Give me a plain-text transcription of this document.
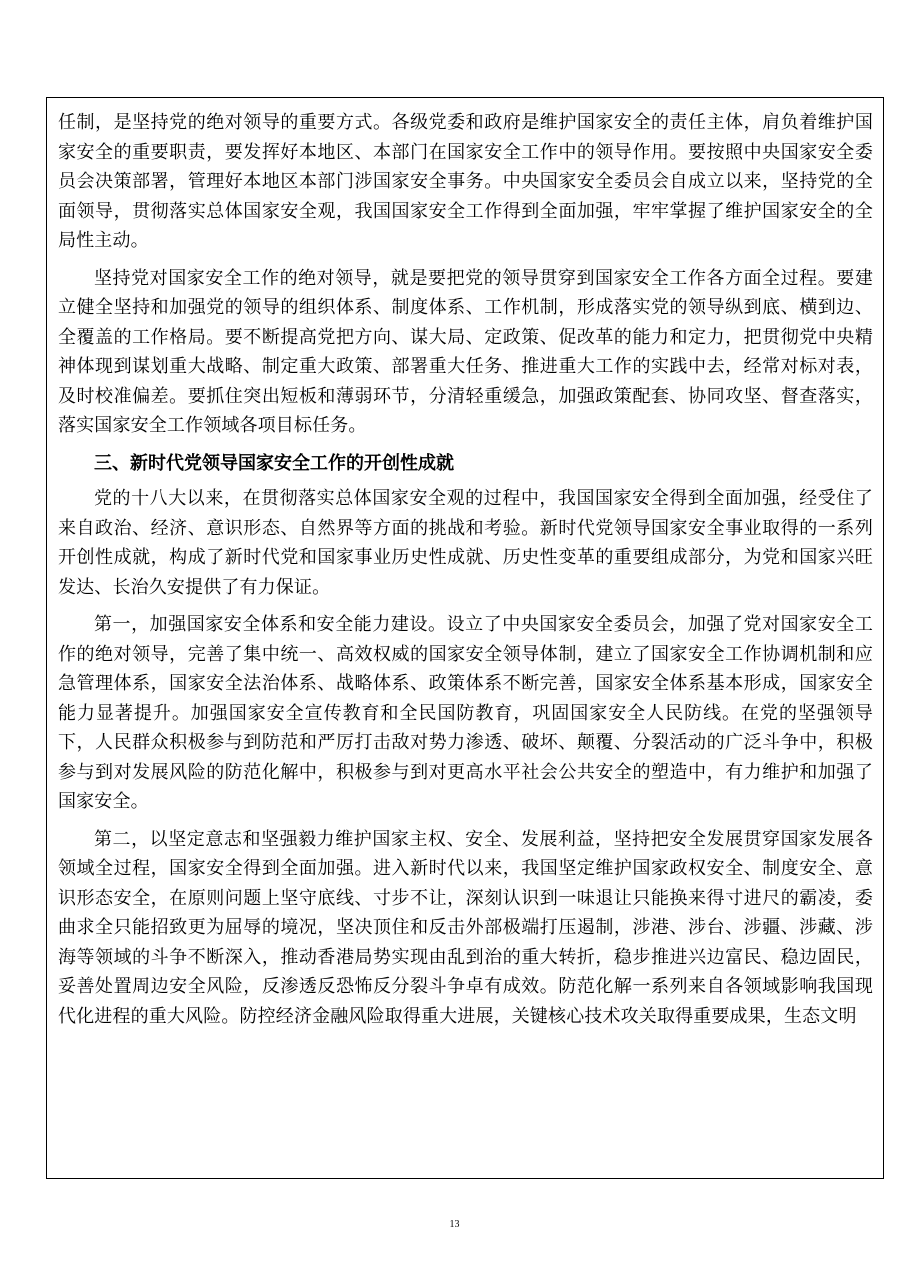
任制，是坚持党的绝对领导的重要方式。各级党委和政府是维护国家安全的责任主体，肩负着维护国家安全的重要职责，要发挥好本地区、本部门在国家安全工作中的领导作用。要按照中央国家安全委员会决策部署，管理好本地区本部门涉国家安全事务。中央国家安全委员会自成立以来，坚持党的全面领导，贯彻落实总体国家安全观，我国国家安全工作得到全面加强，牢牢掌握了维护国家安全的全局性主动。

坚持党对国家安全工作的绝对领导，就是要把党的领导贯穿到国家安全工作各方面全过程。要建立健全坚持和加强党的领导的组织体系、制度体系、工作机制，形成落实党的领导纵到底、横到边、全覆盖的工作格局。要不断提高党把方向、谋大局、定政策、促改革的能力和定力，把贯彻党中央精神体现到谋划重大战略、制定重大政策、部署重大任务、推进重大工作的实践中去，经常对标对表，及时校准偏差。要抓住突出短板和薄弱环节，分清轻重缓急，加强政策配套、协同攻坚、督查落实，落实国家安全工作领域各项目标任务。

三、新时代党领导国家安全工作的开创性成就

党的十八大以来，在贯彻落实总体国家安全观的过程中，我国国家安全得到全面加强，经受住了来自政治、经济、意识形态、自然界等方面的挑战和考验。新时代党领导国家安全事业取得的一系列开创性成就，构成了新时代党和国家事业历史性成就、历史性变革的重要组成部分，为党和国家兴旺发达、长治久安提供了有力保证。

第一，加强国家安全体系和安全能力建设。设立了中央国家安全委员会，加强了党对国家安全工作的绝对领导，完善了集中统一、高效权威的国家安全领导体制，建立了国家安全工作协调机制和应急管理体系，国家安全法治体系、战略体系、政策体系不断完善，国家安全体系基本形成，国家安全能力显著提升。加强国家安全宣传教育和全民国防教育，巩固国家安全人民防线。在党的坚强领导下，人民群众积极参与到防范和严厉打击敌对势力渗透、破坏、颠覆、分裂活动的广泛斗争中，积极参与到对发展风险的防范化解中，积极参与到对更高水平社会公共安全的塑造中，有力维护和加强了国家安全。

第二，以坚定意志和坚强毅力维护国家主权、安全、发展利益，坚持把安全发展贯穿国家发展各领域全过程，国家安全得到全面加强。进入新时代以来，我国坚定维护国家政权安全、制度安全、意识形态安全，在原则问题上坚守底线、寸步不让，深刻认识到一味退让只能换来得寸进尺的霸凌，委曲求全只能招致更为屈辱的境况，坚决顶住和反击外部极端打压遏制，涉港、涉台、涉疆、涉藏、涉海等领域的斗争不断深入，推动香港局势实现由乱到治的重大转折，稳步推进兴边富民、稳边固民，妥善处置周边安全风险，反渗透反恐怖反分裂斗争卓有成效。防范化解一系列来自各领域影响我国现代化进程的重大风险。防控经济金融风险取得重大进展，关键核心技术攻关取得重要成果，生态文明

13
